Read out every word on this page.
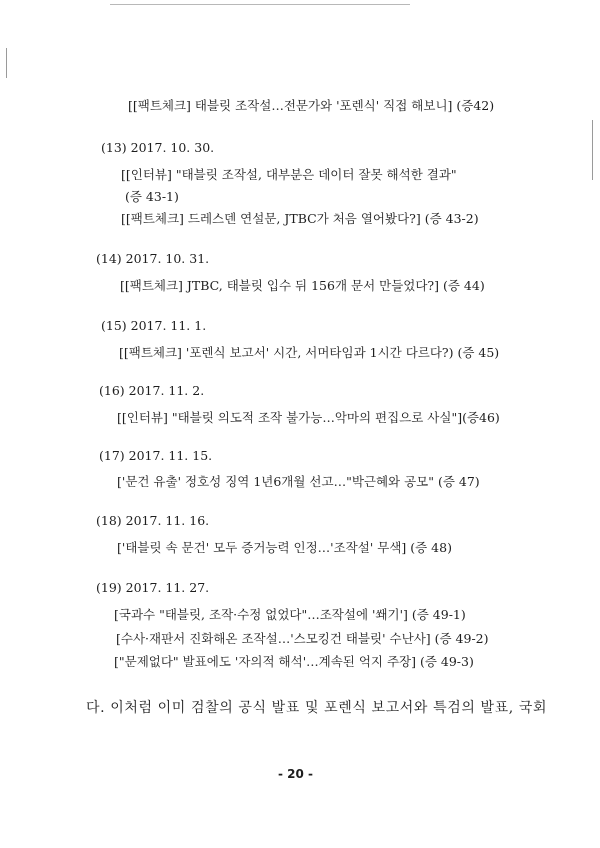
[[팩트체크] 태블릿 조작설…전문가와 '포렌식' 직접 해보니] (증42)
(13) 2017. 10. 30.
[[인터뷰] "태블릿 조작설, 대부분은 데이터 잘못 해석한 결과"
(증 43-1)
[[팩트체크] 드레스덴 연설문, JTBC가 처음 열어봤다?] (증 43-2)
(14) 2017. 10. 31.
[[팩트체크] JTBC, 태블릿 입수 뒤 156개 문서 만들었다?] (증 44)
(15) 2017. 11. 1.
[[팩트체크] '포렌식 보고서' 시간, 서머타임과 1시간 다르다?) (증 45)
(16) 2017. 11. 2.
[[인터뷰] "태블릿 의도적 조작 불가능…악마의 편집으로 사실"](증46)
(17) 2017. 11. 15.
['문건 유출' 정호성 징역 1년6개월 선고…"박근혜와 공모" (증 47)
(18) 2017. 11. 16.
['태블릿 속 문건' 모두 증거능력 인정…'조작설' 무색] (증 48)
(19) 2017. 11. 27.
[국과수 "태블릿, 조작·수정 없었다"…조작설에 '쐐기'] (증 49-1)
[수사·재판서 진화해온 조작설…'스모킹건 태블릿' 수난사] (증 49-2)
["문제없다" 발표에도 '자의적 해석'…계속된 억지 주장] (증 49-3)
다. 이처럼 이미 검찰의 공식 발표 및 포렌식 보고서와 특검의 발표, 국회
- 20 -
